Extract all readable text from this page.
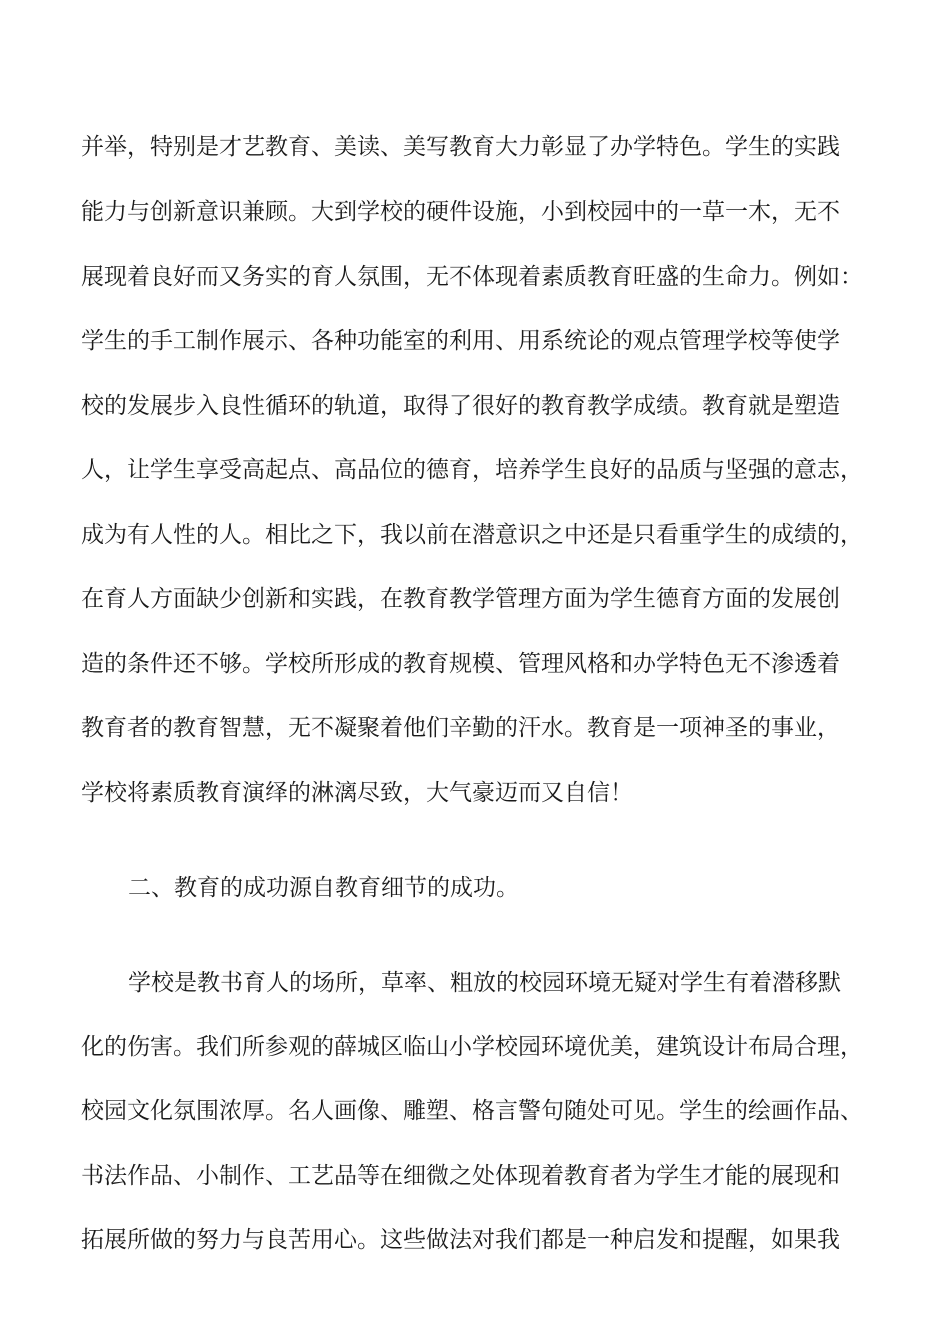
并举，特别是才艺教育、美读、美写教育大力彰显了办学特色。学生的实践
能力与创新意识兼顾。大到学校的硬件设施，小到校园中的一草一木，无不
展现着良好而又务实的育人氛围，无不体现着素质教育旺盛的生命力。例如：
学生的手工制作展示、各种功能室的利用、用系统论的观点管理学校等使学
校的发展步入良性循环的轨道，取得了很好的教育教学成绩。教育就是塑造
人，让学生享受高起点、高品位的德育，培养学生良好的品质与坚强的意志，
成为有人性的人。相比之下，我以前在潜意识之中还是只看重学生的成绩的，
在育人方面缺少创新和实践，在教育教学管理方面为学生德育方面的发展创
造的条件还不够。学校所形成的教育规模、管理风格和办学特色无不渗透着
教育者的教育智慧，无不凝聚着他们辛勤的汗水。教育是一项神圣的事业，
学校将素质教育演绎的淋漓尽致，大气豪迈而又自信！
二、教育的成功源自教育细节的成功。
学校是教书育人的场所，草率、粗放的校园环境无疑对学生有着潜移默
化的伤害。我们所参观的薛城区临山小学校园环境优美，建筑设计布局合理，
校园文化氛围浓厚。名人画像、雕塑、格言警句随处可见。学生的绘画作品、
书法作品、小制作、工艺品等在细微之处体现着教育者为学生才能的展现和
拓展所做的努力与良苦用心。这些做法对我们都是一种启发和提醒，如果我
